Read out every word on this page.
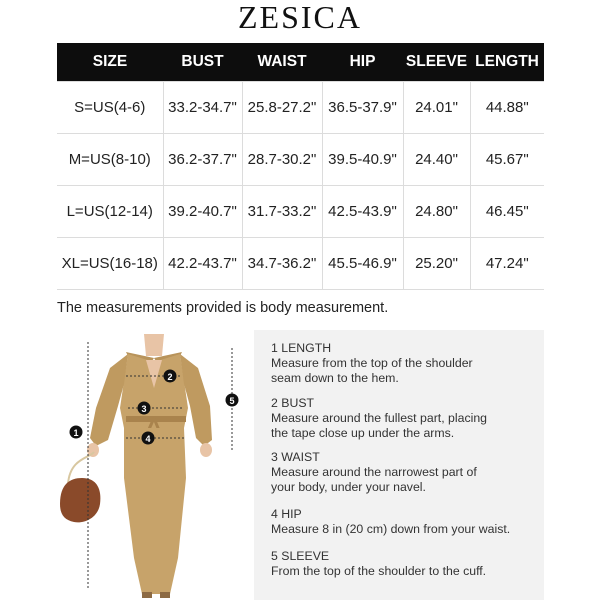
ZESICA
SIZE	BUST	WAIST	HIP	SLEEVE	LENGTH
S=US(4-6)	33.2-34.7"	25.8-27.2"	36.5-37.9"	24.01"	44.88"
M=US(8-10)	36.2-37.7"	28.7-30.2"	39.5-40.9"	24.40"	45.67"
L=US(12-14)	39.2-40.7"	31.7-33.2"	42.5-43.9"	24.80"	46.45"
XL=US(16-18)	42.2-43.7"	34.7-36.2"	45.5-46.9"	25.20"	47.24"
The measurements provided is body measurement.
1
2
3
4
5
1 LENGTH
Measure from the top of the shoulder
seam down to the hem.
2 BUST
Measure around the fullest part, placing
the tape close up under the arms.
3 WAIST
Measure around the narrowest part of
your body, under your navel.
4 HIP
Measure 8 in (20 cm) down from your waist.
5 SLEEVE
From the top of the shoulder to the cuff.
